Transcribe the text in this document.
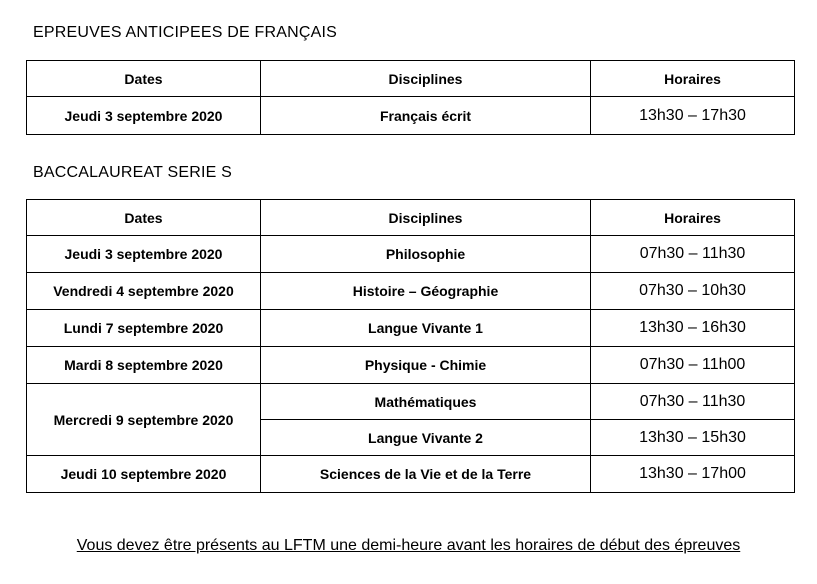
EPREUVES ANTICIPEES DE FRANÇAIS
Dates	Disciplines	Horaires
Jeudi 3 septembre 2020	Français écrit	13h30 – 17h30
BACCALAUREAT SERIE S
Dates	Disciplines	Horaires
Jeudi 3 septembre 2020	Philosophie	07h30 – 11h30
Vendredi 4 septembre 2020	Histoire – Géographie	07h30 – 10h30
Lundi 7 septembre 2020	Langue Vivante 1	13h30 – 16h30
Mardi 8 septembre 2020	Physique - Chimie	07h30 – 11h00
Mercredi 9 septembre 2020	Mathématiques	07h30 – 11h30
	Langue Vivante 2	13h30 – 15h30
Jeudi 10 septembre 2020	Sciences de la Vie et de la Terre	13h30 – 17h00
Vous devez être présents au LFTM une demi-heure avant les horaires de début des épreuves
